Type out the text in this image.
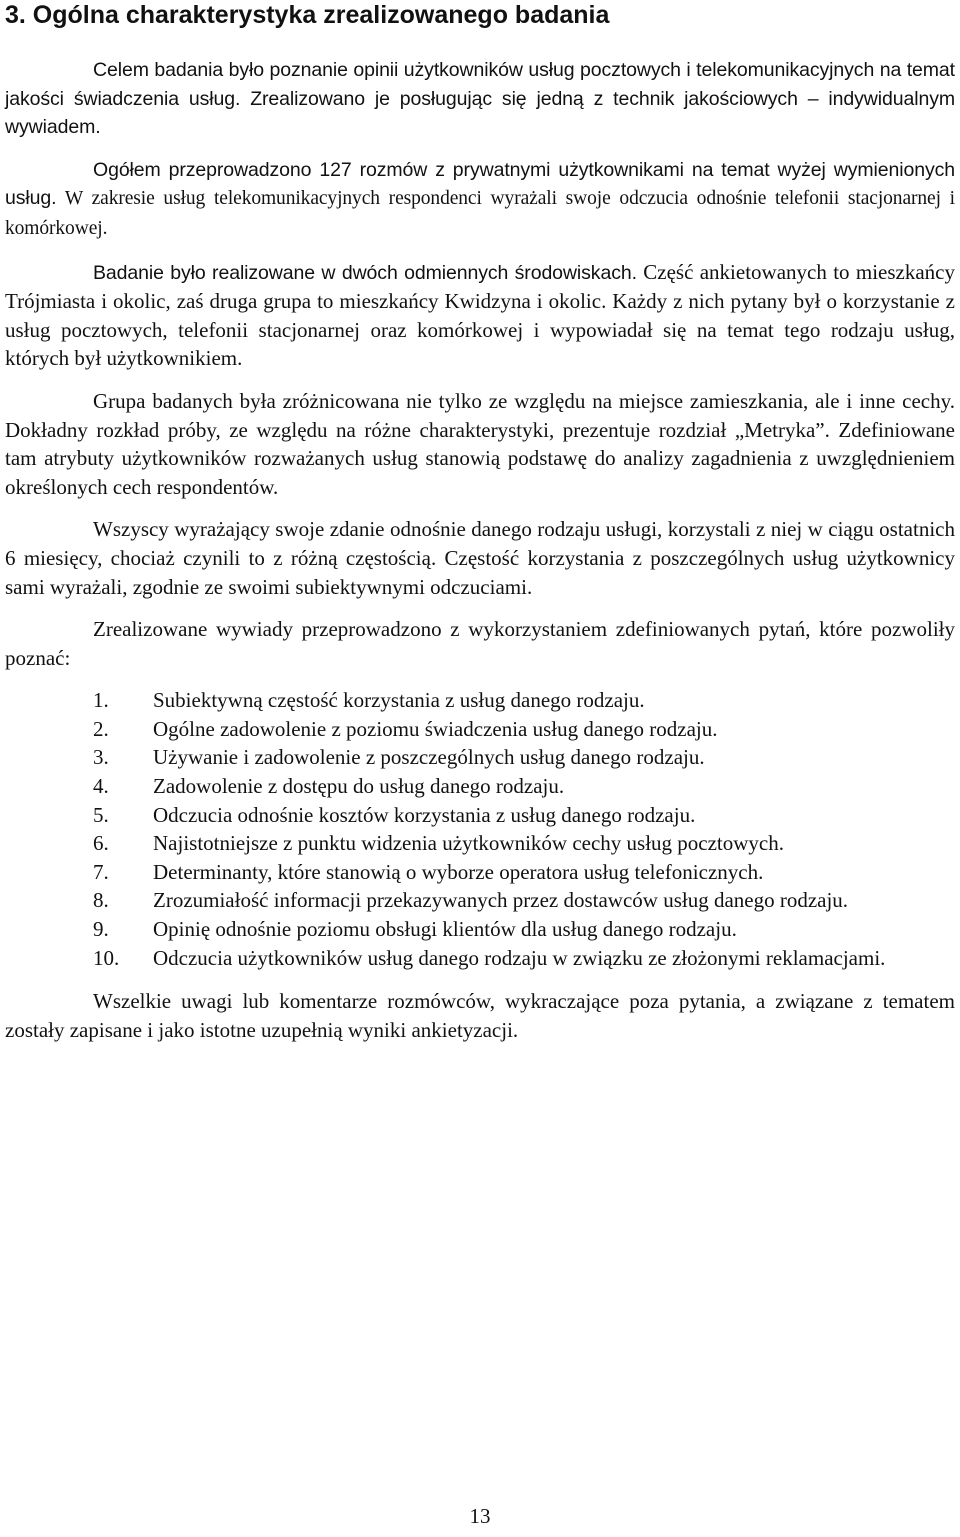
3. Ogólna charakterystyka zrealizowanego badania

Celem badania było poznanie opinii użytkowników usług pocztowych i telekomunikacyjnych na temat jakości świadczenia usług. Zrealizowano je posługując się jedną z technik jakościowych – indywidualnym wywiadem.

Ogółem przeprowadzono 127 rozmów z prywatnymi użytkownikami na temat wyżej wymienionych usług. W zakresie usług telekomunikacyjnych respondenci wyrażali swoje odczucia odnośnie telefonii stacjonarnej i komórkowej.

Badanie było realizowane w dwóch odmiennych środowiskach. Część ankietowanych to mieszkańcy Trójmiasta i okolic, zaś druga grupa to mieszkańcy Kwidzyna i okolic. Każdy z nich pytany był o korzystanie z usług pocztowych, telefonii stacjonarnej oraz komórkowej i wypowiadał się na temat tego rodzaju usług, których był użytkownikiem.

Grupa badanych była zróżnicowana nie tylko ze względu na miejsce zamieszkania, ale i inne cechy. Dokładny rozkład próby, ze względu na różne charakterystyki, prezentuje rozdział „Metryka”. Zdefiniowane tam atrybuty użytkowników rozważanych usług stanowią podstawę do analizy zagadnienia z uwzględnieniem określonych cech respondentów.

Wszyscy wyrażający swoje zdanie odnośnie danego rodzaju usługi, korzystali z niej w ciągu ostatnich 6 miesięcy, chociaż czynili to z różną częstością. Częstość korzystania z poszczególnych usług użytkownicy sami wyrażali, zgodnie ze swoimi subiektywnymi odczuciami.

Zrealizowane wywiady przeprowadzono z wykorzystaniem zdefiniowanych pytań, które pozwoliły poznać:

1. Subiektywną częstość korzystania z usług danego rodzaju.
2. Ogólne zadowolenie z poziomu świadczenia usług danego rodzaju.
3. Używanie i zadowolenie z poszczególnych usług danego rodzaju.
4. Zadowolenie z dostępu do usług danego rodzaju.
5. Odczucia odnośnie kosztów korzystania z usług danego rodzaju.
6. Najistotniejsze z punktu widzenia użytkowników cechy usług pocztowych.
7. Determinanty, które stanowią o wyborze operatora usług telefonicznych.
8. Zrozumiałość informacji przekazywanych przez dostawców usług danego rodzaju.
9. Opinię odnośnie poziomu obsługi klientów dla usług danego rodzaju.
10. Odczucia użytkowników usług danego rodzaju w związku ze złożonymi reklamacjami.

Wszelkie uwagi lub komentarze rozmówców, wykraczające poza pytania, a związane z tematem zostały zapisane i jako istotne uzupełnią wyniki ankietyzacji.

13
